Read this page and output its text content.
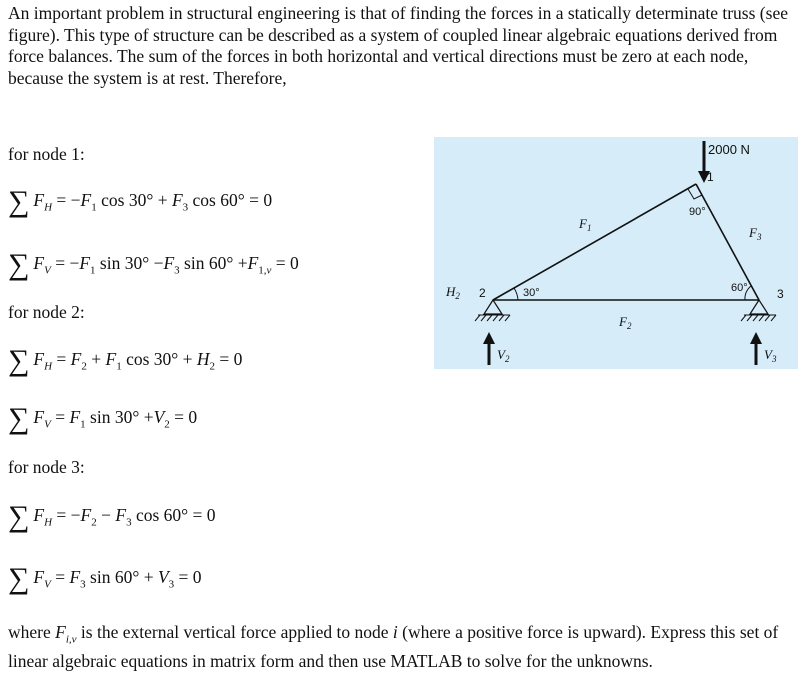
An important problem in structural engineering is that of finding the forces in a statically determinate truss (see figure). This type of structure can be described as a system of coupled linear algebraic equations derived from force balances. The sum of the forces in both horizontal and vertical directions must be zero at each node, because the system is at rest. Therefore,
for node 1:
∑ $F_H = -F_1$ $\cos 30^\circ + F_3$ cos 60° = 0
∑ $F_V = -F_1$ $\sin 30^\circ -F_3$ $\sin 60^\circ +F_{1,v} = 0$
for node 2:
∑ $F_H = F_2 + F_1$ $\cos 30^\circ + H_2 = 0$
∑ $F_V = F_1$ $\sin 30^\circ +V_2 = 0$
for node 3:
∑ $F_H = -F_2 - F_3$ cos 60° = 0
∑ $F_V = F_3$ $\sin 60^\circ + V_3 = 0$
where $F_{i,v}$ is the external vertical force applied to node i (where a positive force is upward). Express this set of linear algebraic equations in matrix form and then use MATLAB to solve for the unknowns.
2000 N
1
90°
30°	60°
2	3
$F_1$
$F_2$
$F_3$
$H_2$
$V_2$	$V_3$
